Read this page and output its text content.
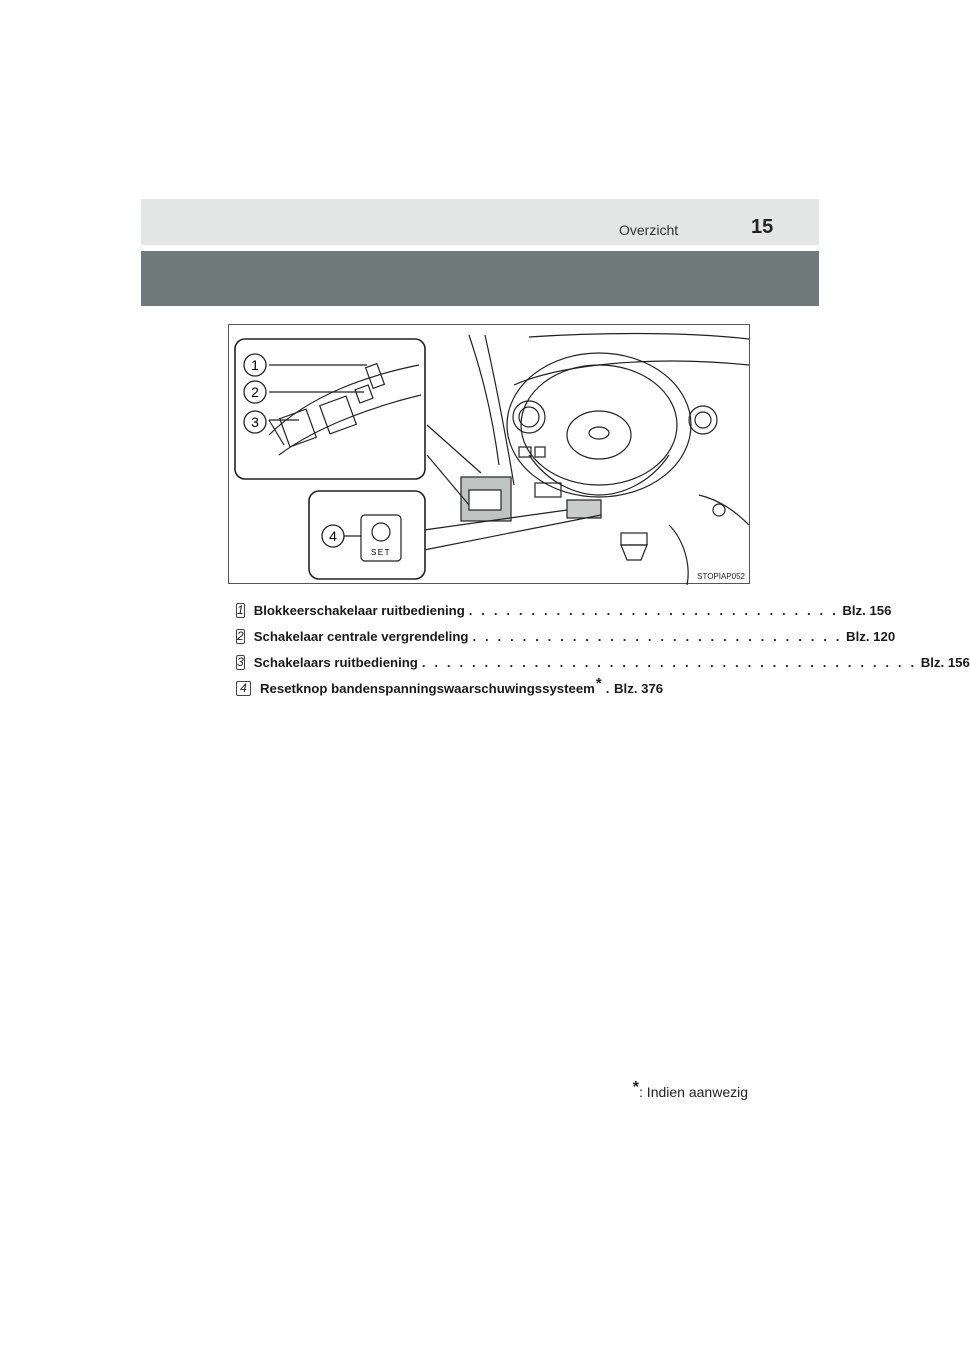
Overzicht	15
1
2
3
4
SET
STOPIAP052
1 Blokkeerschakelaar ruitbediening . . . . . . . . . . . . . . . . . . . . . . . . . . . . . . Blz. 156
2 Schakelaar centrale vergrendeling . . . . . . . . . . . . . . . . . . . . . . . . . . . . . . Blz. 120
3 Schakelaars ruitbediening . . . . . . . . . . . . . . . . . . . . . . . . . . . . . . . . . . . . . . . . Blz. 156
4 Resetknop bandenspanningswaarschuwingssysteem * . Blz. 376
*: Indien aanwezig
